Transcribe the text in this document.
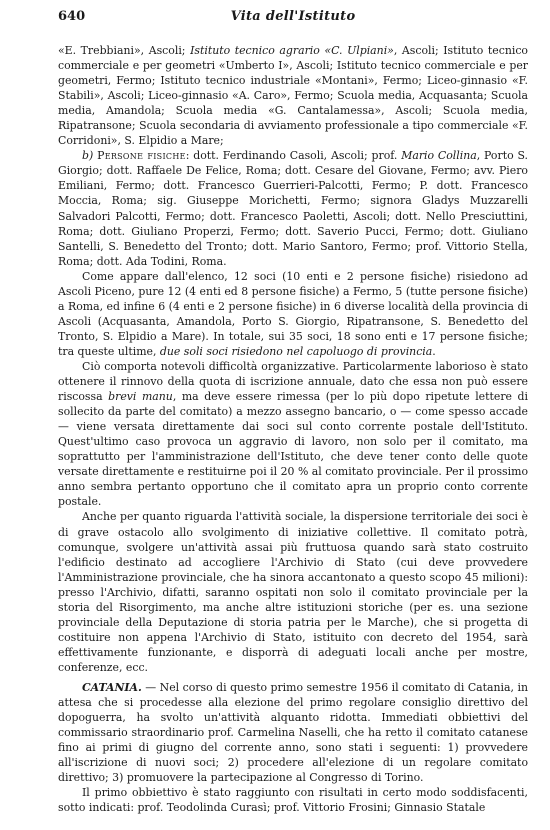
640	Vita dell'Istituto

«E. Trebbiani», Ascoli; Istituto tecnico agrario «C. Ulpiani», Ascoli; Istituto tecnico commerciale e per geometri «Umberto I», Ascoli; Istituto tecnico commerciale e per geometri, Fermo; Istituto tecnico industriale «Montani», Fermo; Liceo-ginnasio «F. Stabili», Ascoli; Liceo-ginnasio «A. Caro», Fermo; Scuola media, Acquasanta; Scuola media, Amandola; Scuola media «G. Cantalamessa», Ascoli; Scuola media, Ripatransone; Scuola secondaria di avviamento professionale a tipo commerciale «F. Corridoni», S. Elpidio a Mare;

b) Persone fisiche: dott. Ferdinando Casoli, Ascoli; prof. Mario Collina, Porto S. Giorgio; dott. Raffaele De Felice, Roma; dott. Cesare del Giovane, Fermo; avv. Piero Emiliani, Fermo; dott. Francesco Guerrieri-Palcotti, Fermo; P. dott. Francesco Moccia, Roma; sig. Giuseppe Morichetti, Fermo; signora Gladys Muzzarelli Salvadori Palcotti, Fermo; dott. Francesco Paoletti, Ascoli; dott. Nello Presciuttini, Roma; dott. Giuliano Properzi, Fermo; dott. Saverio Pucci, Fermo; dott. Giuliano Santelli, S. Benedetto del Tronto; dott. Mario Santoro, Fermo; prof. Vittorio Stella, Roma; dott. Ada Todini, Roma.

Come appare dall'elenco, 12 soci (10 enti e 2 persone fisiche) risiedono ad Ascoli Piceno, pure 12 (4 enti ed 8 persone fisiche) a Fermo, 5 (tutte persone fisiche) a Roma, ed infine 6 (4 enti e 2 persone fisiche) in 6 diverse località della provincia di Ascoli (Acquasanta, Amandola, Porto S. Giorgio, Ripatransone, S. Benedetto del Tronto, S. Elpidio a Mare). In totale, sui 35 soci, 18 sono enti e 17 persone fisiche; tra queste ultime, due soli soci risiedono nel capoluogo di provincia.

Ciò comporta notevoli difficoltà organizzative. Particolarmente laborioso è stato ottenere il rinnovo della quota di iscrizione annuale, dato che essa non può essere riscossa brevi manu, ma deve essere rimessa (per lo più dopo ripetute lettere di sollecito da parte del comitato) a mezzo assegno bancario, o — come spesso accade — viene versata direttamente dai soci sul conto corrente postale dell'Istituto. Quest'ultimo caso provoca un aggravio di lavoro, non solo per il comitato, ma soprattutto per l'amministrazione dell'Istituto, che deve tener conto delle quote versate direttamente e restituirne poi il 20 % al comitato provinciale. Per il prossimo anno sembra pertanto opportuno che il comitato apra un proprio conto corrente postale.

Anche per quanto riguarda l'attività sociale, la dispersione territoriale dei soci è di grave ostacolo allo svolgimento di iniziative collettive. Il comitato potrà, comunque, svolgere un'attività assai più fruttuosa quando sarà stato costruito l'edificio destinato ad accogliere l'Archivio di Stato (cui deve provvedere l'Amministrazione provinciale, che ha sinora accantonato a questo scopo 45 milioni): presso l'Archivio, difatti, saranno ospitati non solo il comitato provinciale per la storia del Risorgimento, ma anche altre istituzioni storiche (per es. una sezione provinciale della Deputazione di storia patria per le Marche), che si progetta di costituire non appena l'Archivio di Stato, istituito con decreto del 1954, sarà effettivamente funzionante, e disporrà di adeguati locali anche per mostre, conferenze, ecc.

CATANIA. — Nel corso di questo primo semestre 1956 il comitato di Catania, in attesa che si procedesse alla elezione del primo regolare consiglio direttivo del dopoguerra, ha svolto un'attività alquanto ridotta. Immediati obbiettivi del commissario straordinario prof. Carmelina Naselli, che ha retto il comitato catanese fino ai primi di giugno del corrente anno, sono stati i seguenti: 1) provvedere all'iscrizione di nuovi soci; 2) procedere all'elezione di un regolare comitato direttivo; 3) promuovere la partecipazione al Congresso di Torino.

Il primo obbiettivo è stato raggiunto con risultati in certo modo soddisfacenti, sotto indicati: prof. Teodolinda Curasì; prof. Vittorio Frosini; Ginnasio Statale
